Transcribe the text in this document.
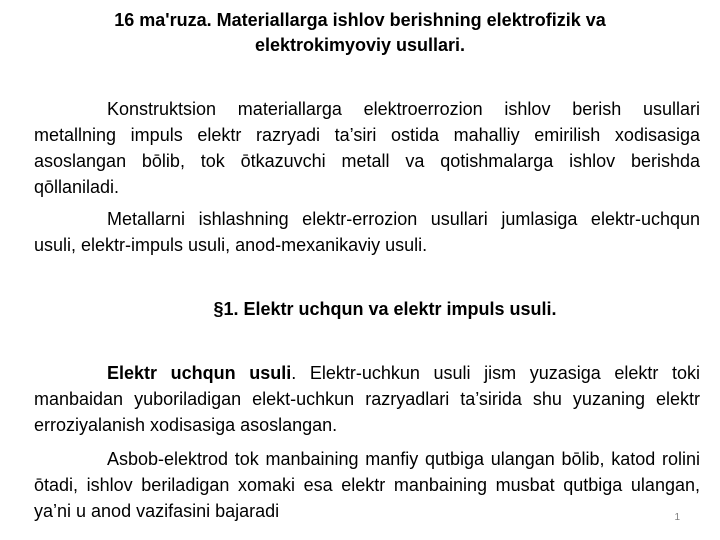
16 ma'ruza. Materiallarga ishlov berishning elektrofizik va
elektrokimyoviy usullari.
Konstruktsion materiallarga elektroerrozion ishlov berish usullari metallning impuls elektr razryadi ta’siri ostida mahalliy emirilish xodisasiga asoslangan bōlib, tok ōtkazuvchi metall va qotishmalarga ishlov berishda qōllaniladi.
Metallarni ishlashning elektr-errozion usullari jumlasiga elektr-uchqun usuli, elektr-impuls usuli, anod-mexanikaviy usuli.
§1. Elektr uchqun va elektr impuls usuli.
Elektr uchqun usuli. Elektr-uchkun usuli jism yuzasiga elektr toki manbaidan yuboriladigan elekt-uchkun razryadlari ta’sirida shu yuzaning elektr erroziyalanish xodisasiga asoslangan.
Asbob-elektrod tok manbaining manfiy qutbiga ulangan bōlib, katod rolini ōtadi, ishlov beriladigan xomaki esa elektr manbaining musbat qutbiga ulangan, ya’ni u anod vazifasini bajaradi	1
